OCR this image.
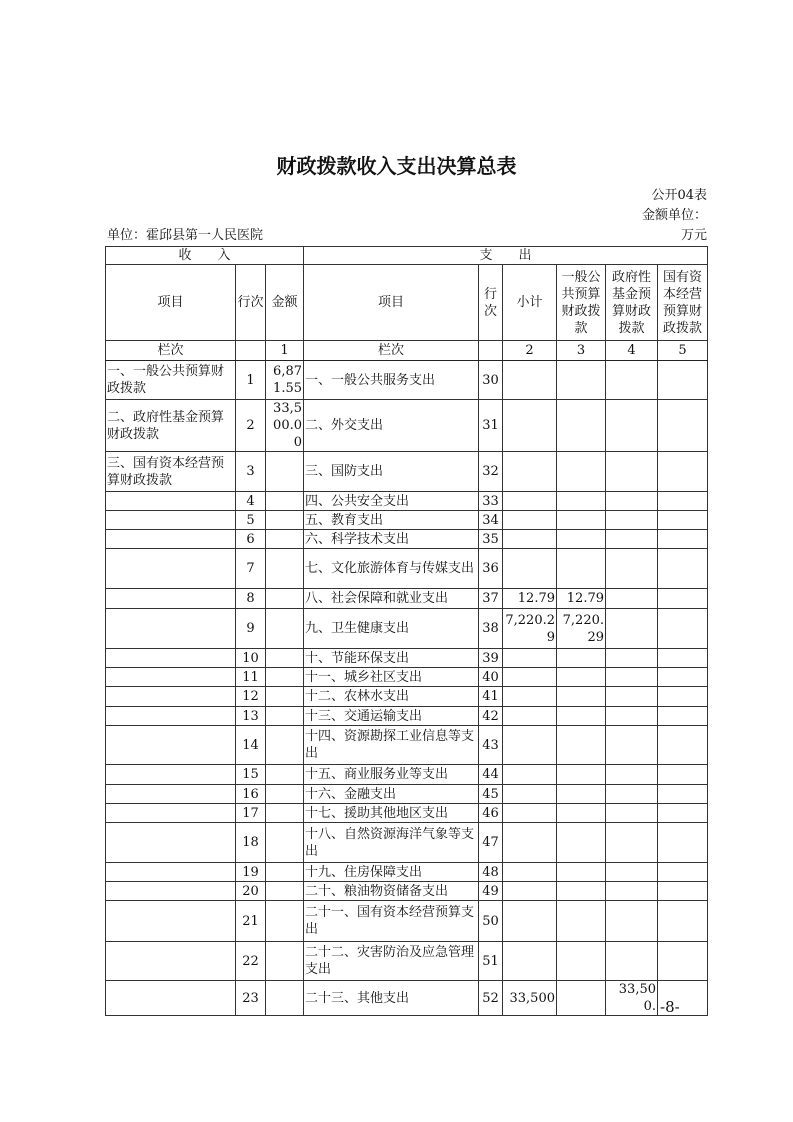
财政拨款收入支出决算总表
公开04表
金额单位：
单位：霍邱县第一人民医院	万元
收　　入			支　　出					
项目	行次	金额	项目	行次	小计	一般公共预算财政拨款	政府性基金预算财政拨款	国有资本经营预算财政拨款
栏次		1	栏次		2	3	4	5
一、一般公共预算财政拨款	1	6,871.55	一、一般公共服务支出	30				
二、政府性基金预算财政拨款	2	33,500.00	二、外交支出	31				
三、国有资本经营预算财政拨款	3		三、国防支出	32				
	4		四、公共安全支出	33				
	5		五、教育支出	34				
	6		六、科学技术支出	35				
	7		七、文化旅游体育与传媒支出	36				
	8		八、社会保障和就业支出	37	12.79	12.79		
	9		九、卫生健康支出	38	7,220.29	7,220.29		
	10		十、节能环保支出	39				
	11		十一、城乡社区支出	40				
	12		十二、农林水支出	41				
	13		十三、交通运输支出	42				
	14		十四、资源勘探工业信息等支出	43				
	15		十五、商业服务业等支出	44				
	16		十六、金融支出	45				
	17		十七、援助其他地区支出	46				
	18		十八、自然资源海洋气象等支出	47				
	19		十九、住房保障支出	48				
	20		二十、粮油物资储备支出	49				
	21		二十一、国有资本经营预算支出	50				
	22		二十二、灾害防治及应急管理支出	51				
	23		二十三、其他支出	52	33,500		33,500.	-8-
